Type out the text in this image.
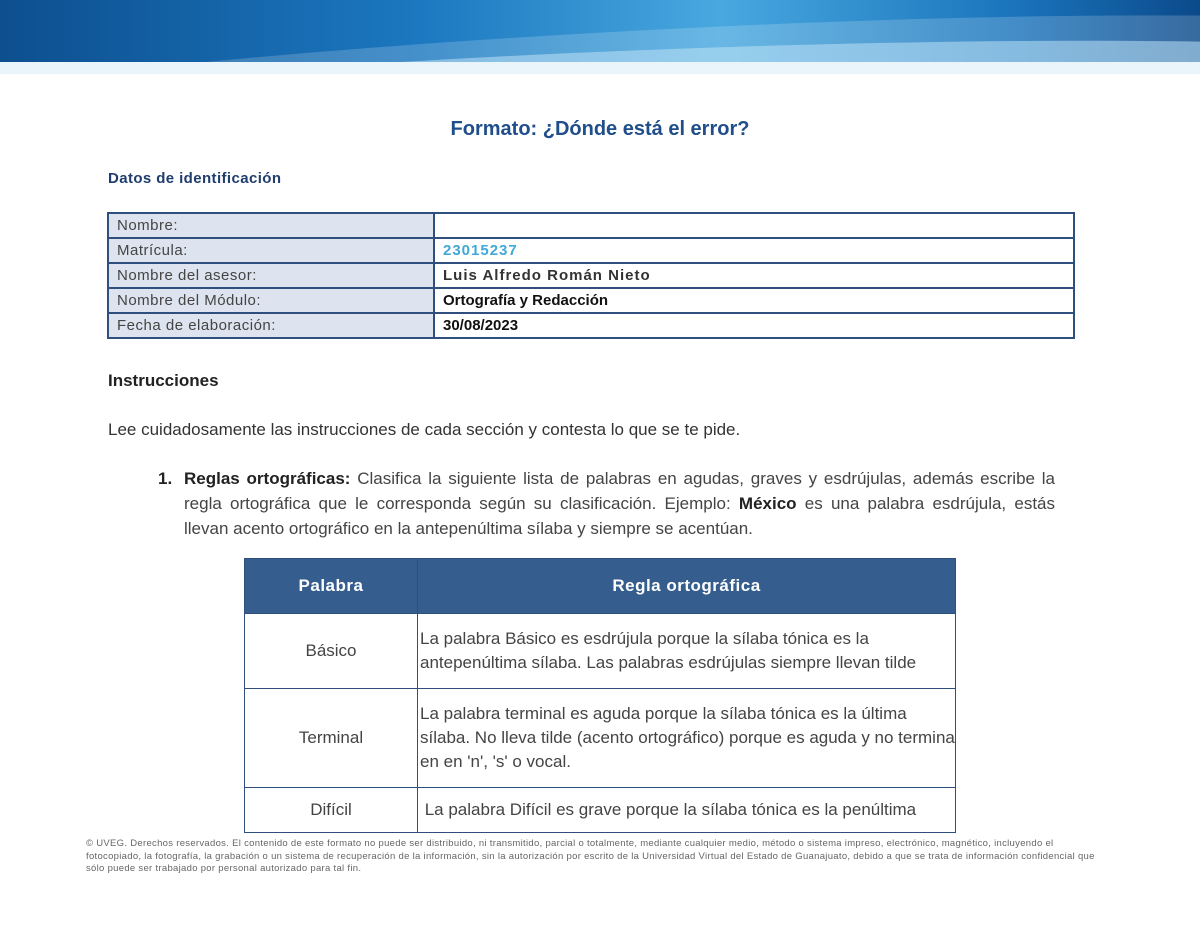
Formato: ¿Dónde está el error?
Datos de identificación
Nombre:	
Matrícula:	23015237
Nombre del asesor:	Luis Alfredo Román Nieto
Nombre del Módulo:	Ortografía y Redacción
Fecha de elaboración:	30/08/2023
Instrucciones
Lee cuidadosamente las instrucciones de cada sección y contesta lo que se te pide.
1. Reglas ortográficas: Clasifica la siguiente lista de palabras en agudas, graves y esdrújulas, además escribe la regla ortográfica que le corresponda según su clasificación. Ejemplo: México es una palabra esdrújula, estás llevan acento ortográfico en la antepenúltima sílaba y siempre se acentúan.
Palabra	Regla ortográfica
Básico	La palabra Básico es esdrújula porque la sílaba tónica es la antepenúltima sílaba. Las palabras esdrújulas siempre llevan tilde
Terminal	La palabra terminal es aguda porque la sílaba tónica es la última sílaba. No lleva tilde (acento ortográfico) porque es aguda y no termina en en 'n', 's' o vocal.
Difícil	La palabra Difícil es grave porque la sílaba tónica es la penúltima
© UVEG. Derechos reservados. El contenido de este formato no puede ser distribuido, ni transmitido, parcial o totalmente, mediante cualquier medio, método o sistema impreso, electrónico, magnético, incluyendo el fotocopiado, la fotografía, la grabación o un sistema de recuperación de la información, sin la autorización por escrito de la Universidad Virtual del Estado de Guanajuato, debido a que se trata de información confidencial que sólo puede ser trabajado por personal autorizado para tal fin.
